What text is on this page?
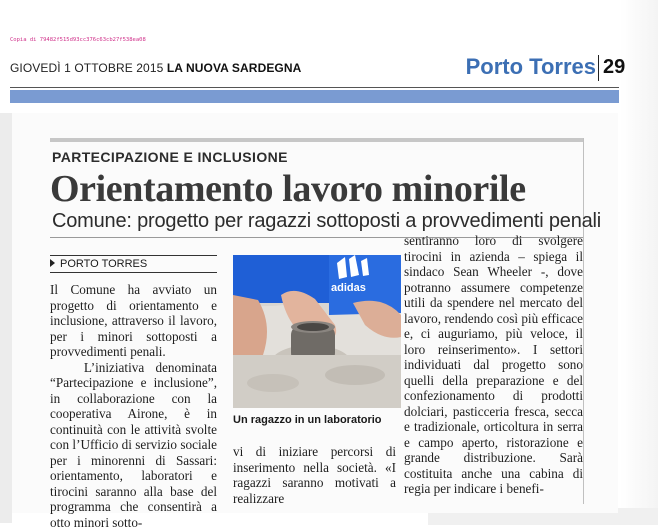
Copia di 79482f515d93cc376c63cb27f538ea08
GIOVEDÌ 1 OTTOBRE 2015 LA NUOVA SARDEGNA	Porto Torres 29
PARTECIPAZIONE E INCLUSIONE
Orientamento lavoro minorile
Comune: progetto per ragazzi sottoposti a provvedimenti penali
PORTO TORRES
Il Comune ha avviato un progetto di orientamento e inclusione, attraverso il lavoro, per i minori sottoposti a provvedimenti penali.
L’iniziativa denominata “Partecipazione e inclusione”, in collaborazione con la cooperativa Airone, è in continuità con le attività svolte con l’Ufficio di servizio sociale per i minorenni di Sassari: orientamento, laboratori e tirocini saranno alla base del programma che consentirà a otto minori sotto-
adidas
Un ragazzo in un laboratorio
vi di iniziare percorsi di inserimento nella società. «I ragazzi saranno motivati a realizzare
sentiranno loro di svolgere tirocini in azienda – spiega il sindaco Sean Wheeler -, dove potranno assumere competenze utili da spendere nel mercato del lavoro, rendendo così più efficace e, ci auguriamo, più veloce, il loro reinserimento». I settori individuati dal progetto sono quelli della preparazione e del confezionamento di prodotti dolciari, pasticceria fresca, secca e tradizionale, orticoltura in serra e campo aperto, ristorazione e grande distribuzione. Sarà costituita anche una cabina di regia per indicare i benefi-
